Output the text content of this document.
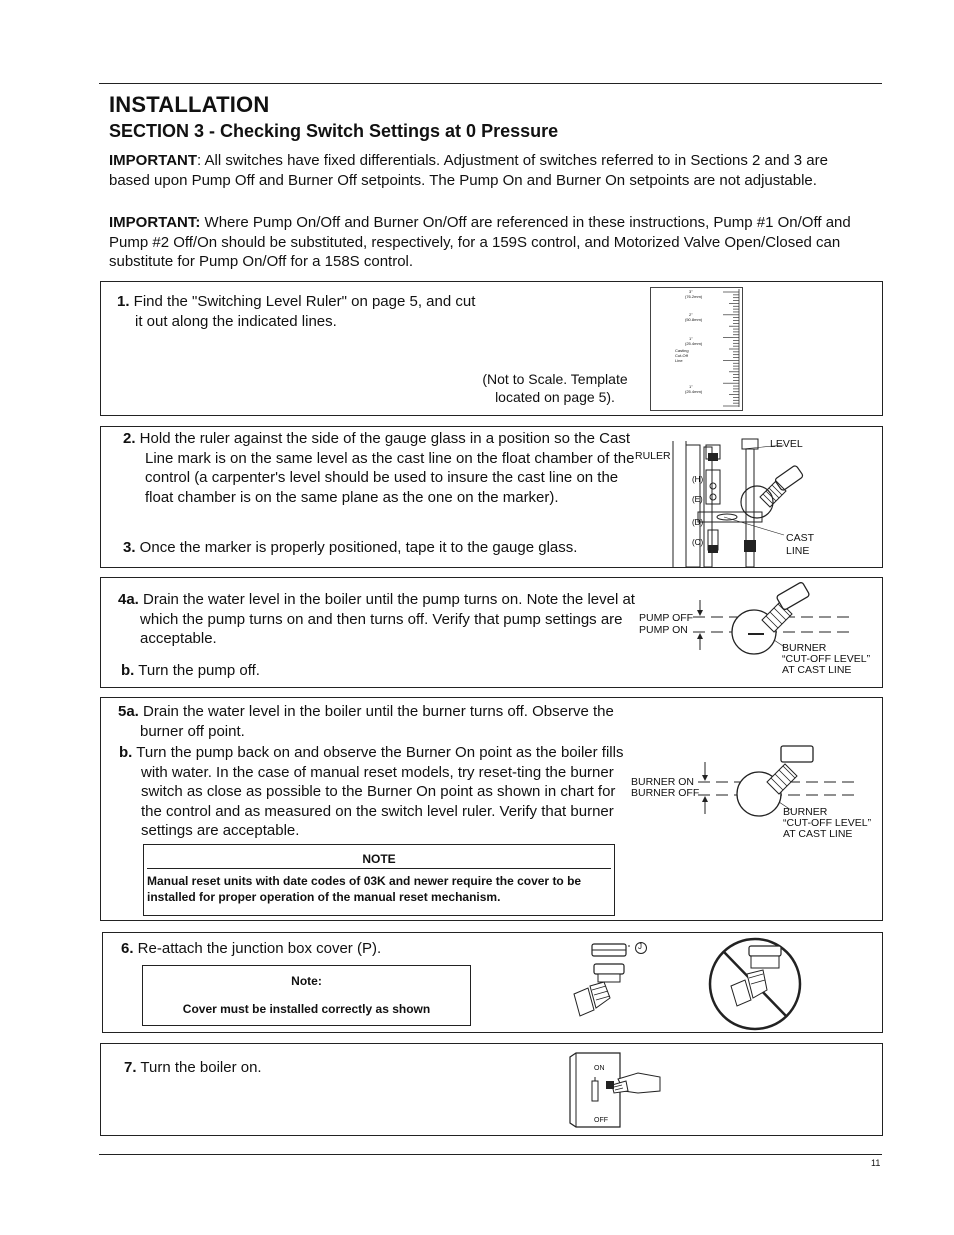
INSTALLATION
SECTION 3 - Checking Switch Settings at 0 Pressure
IMPORTANT: All switches have fixed differentials. Adjustment of switches referred to in Sections 2 and 3 are based upon Pump Off and Burner Off setpoints. The Pump On and Burner On setpoints are not adjustable.
IMPORTANT: Where Pump On/Off and Burner On/Off are referenced in these instructions, Pump #1 On/Off and Pump #2 Off/On should be substituted, respectively, for a 159S control, and Motorized Valve Open/Closed can substitute for Pump On/Off for a 158S control.
1. Find the "Switching Level Ruler" on page 5, and cut it out along the indicated lines.
(Not to Scale. Template located on page 5).
3"
(76.2mm)
2"
(50.8mm)
1"
(25.4mm)
Casting
Cut-Off
Line
1"
(25.4mm)
2. Hold the ruler against the side of the gauge glass in a position so the Cast Line mark is on the same level as the cast line on the float chamber of the control (a carpenter's level should be used to insure the cast line on the float chamber is on the same plane as the one on the marker).
3. Once the marker is properly positioned, tape it to the gauge glass.
RULER
LEVEL
CAST
LINE
(H)
(E)
(D)
(C)
4a. Drain the water level in the boiler until the pump turns on. Note the level at which the pump turns on and then turns off. Verify that pump settings are acceptable.
b. Turn the pump off.
PUMP OFF
PUMP ON
BURNER
“CUT-OFF LEVEL”
AT CAST LINE
5a. Drain the water level in the boiler until the burner turns off. Observe the burner off point.
b. Turn the pump back on and observe the Burner On point as the boiler fills with water. In the case of manual reset models, try reset-ting the burner switch as close as possible to the Burner On point as shown in chart for the control and as measured on the switch level ruler. Verify that burner settings are acceptable.
NOTE
Manual reset units with date codes of 03K and newer require the cover to be installed for proper operation of the manual reset mechanism.
BURNER ON
BURNER OFF
BURNER
“CUT-OFF LEVEL”
AT CAST LINE
6. Re-attach the junction box cover (P).
Note:
Cover must be installed correctly as shown
J
7. Turn the boiler on.	ON
OFF
11
